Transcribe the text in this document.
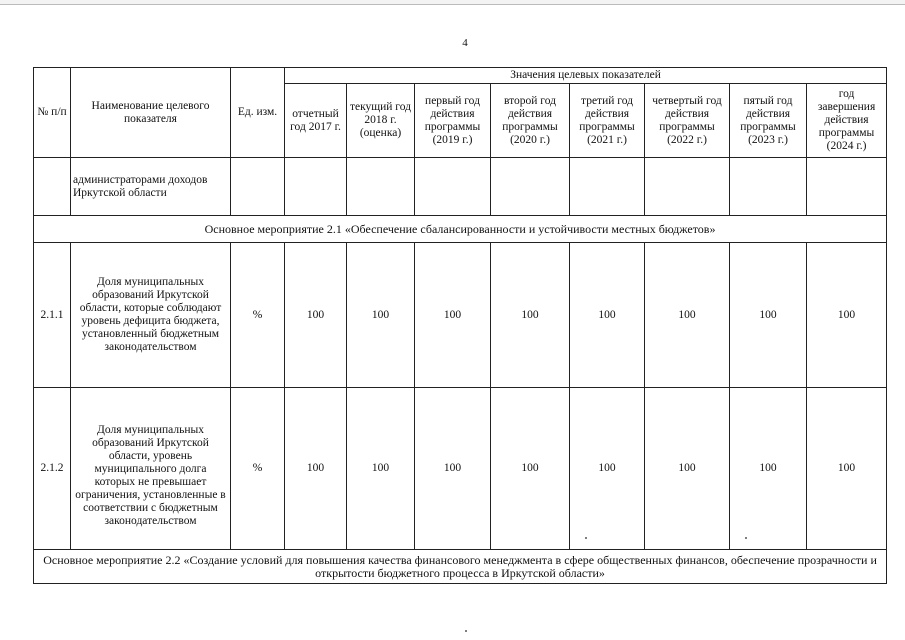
4
№ п/п	Наименование целевого показателя	Ед. изм.	Значения целевых показателей							
			отчетный год 2017 г.	текущий год 2018 г. (оценка)	первый год действия программы (2019 г.)	второй год действия программы (2020 г.)	третий год действия программы (2021 г.)	четвертый год действия программы (2022 г.)	пятый год действия программы (2023 г.)	год завершения действия программы (2024 г.)
	администраторами доходов Иркутской области									
Основное мероприятие 2.1 «Обеспечение сбалансированности и устойчивости местных бюджетов»										
2.1.1	Доля муниципальных образований Иркутской области, которые соблюдают уровень дефицита бюджета, установленный бюджетным законодательством	%	100	100	100	100	100	100	100	100
2.1.2	Доля муниципальных образований Иркутской области, уровень муниципального долга которых не превышает ограничения, установленные в соответствии с бюджетным законодательством	%	100	100	100	100	100	100	100	100
Основное мероприятие 2.2 «Создание условий для повышения качества финансового менеджмента в сфере общественных финансов, обеспечение прозрачности и открытости бюджетного процесса в Иркутской области»										
